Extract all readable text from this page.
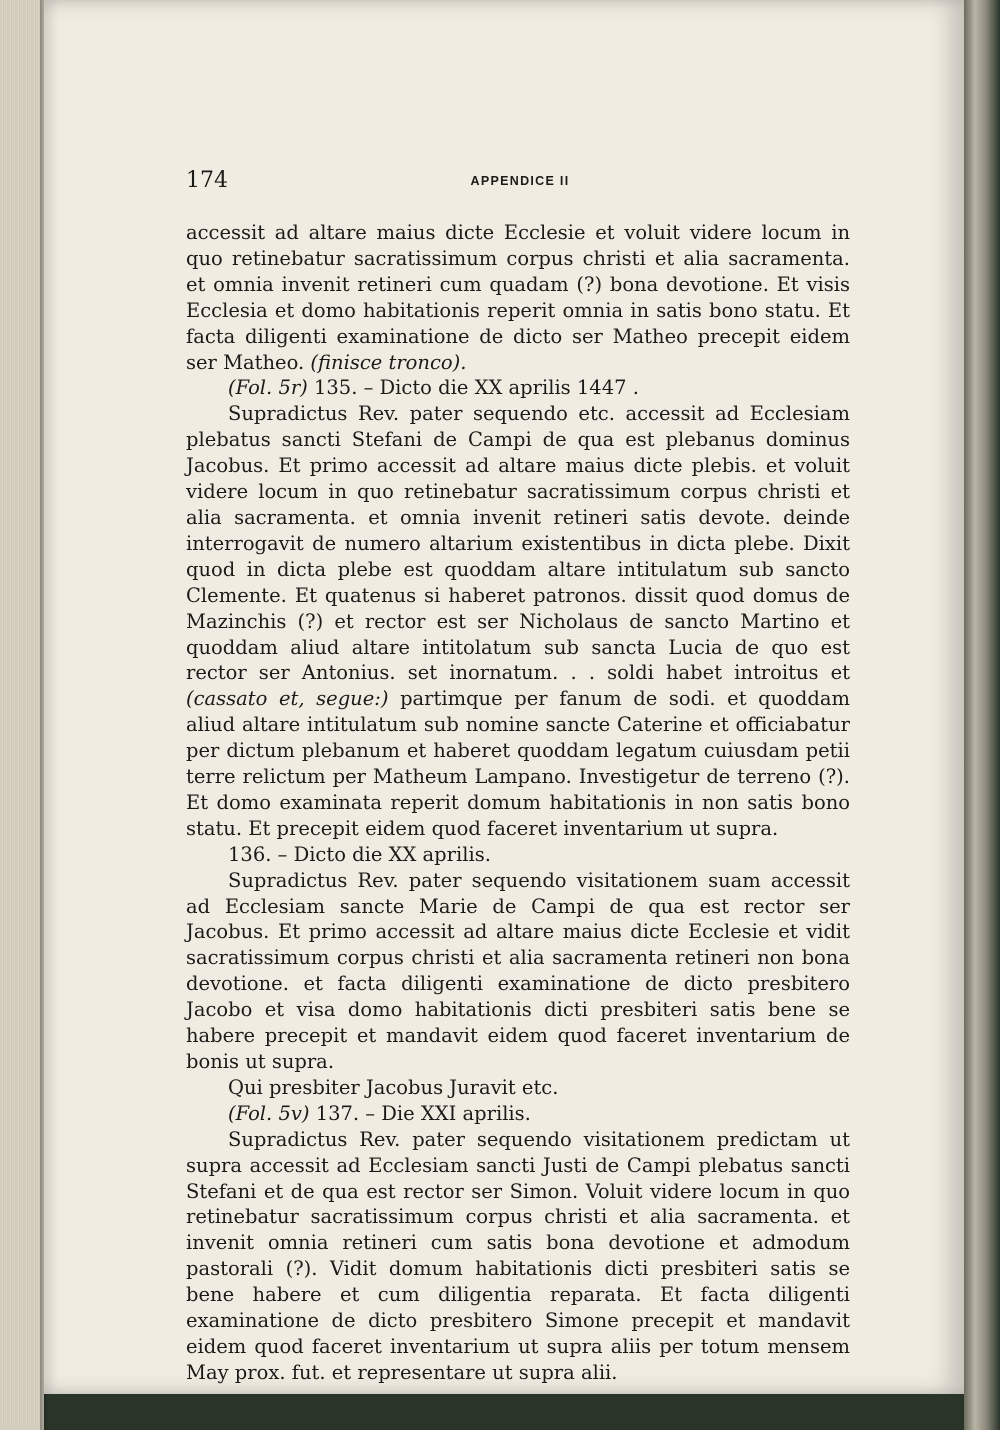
174	APPENDICE II

accessit ad altare maius dicte Ecclesie et voluit videre locum in quo retinebatur sacratissimum corpus christi et alia sacramenta. et omnia invenit retineri cum quadam (?) bona devotione. Et visis Ecclesia et domo habitationis reperit omnia in satis bono statu. Et facta diligenti examinatione de dicto ser Matheo precepit eidem ser Matheo. (finisce tronco).

(Fol. 5r) 135. – Dicto die XX aprilis 1447 .

Supradictus Rev. pater sequendo etc. accessit ad Ecclesiam plebatus sancti Stefani de Campi de qua est plebanus dominus Jacobus. Et primo accessit ad altare maius dicte plebis. et voluit videre locum in quo retinebatur sacratissimum corpus christi et alia sacramenta. et omnia invenit retineri satis devote. deinde interrogavit de numero altarium existentibus in dicta plebe. Dixit quod in dicta plebe est quoddam altare intitulatum sub sancto Clemente. Et quatenus si haberet patronos. dissit quod domus de Mazinchis (?) et rector est ser Nicholaus de sancto Martino et quoddam aliud altare intitolatum sub sancta Lucia de quo est rector ser Antonius. set inornatum. . . soldi habet introitus et (cassato et, segue:) partimque per fanum de sodi. et quoddam aliud altare intitulatum sub nomine sancte Caterine et officiabatur per dictum plebanum et haberet quoddam legatum cuiusdam petii terre relictum per Matheum Lampano. Investigetur de terreno (?). Et domo examinata reperit domum habitationis in non satis bono statu. Et precepit eidem quod faceret inventarium ut supra.

136. – Dicto die XX aprilis.

Supradictus Rev. pater sequendo visitationem suam accessit ad Ecclesiam sancte Marie de Campi de qua est rector ser Jacobus. Et primo accessit ad altare maius dicte Ecclesie et vidit sacratissimum corpus christi et alia sacramenta retineri non bona devotione. et facta diligenti examinatione de dicto presbitero Jacobo et visa domo habitationis dicti presbiteri satis bene se habere precepit et mandavit eidem quod faceret inventarium de bonis ut supra.

Qui presbiter Jacobus Juravit etc.

(Fol. 5v) 137. – Die XXI aprilis.

Supradictus Rev. pater sequendo visitationem predictam ut supra accessit ad Ecclesiam sancti Justi de Campi plebatus sancti Stefani et de qua est rector ser Simon. Voluit videre locum in quo retinebatur sacratissimum corpus christi et alia sacramenta. et invenit omnia retineri cum satis bona devotione et admodum pastorali (?). Vidit domum habitationis dicti presbiteri satis se bene habere et cum diligentia reparata. Et facta diligenti examinatione de dicto presbitero Simone precepit et mandavit eidem quod faceret inventarium ut supra aliis per totum mensem May prox. fut. et representare ut supra alii.
